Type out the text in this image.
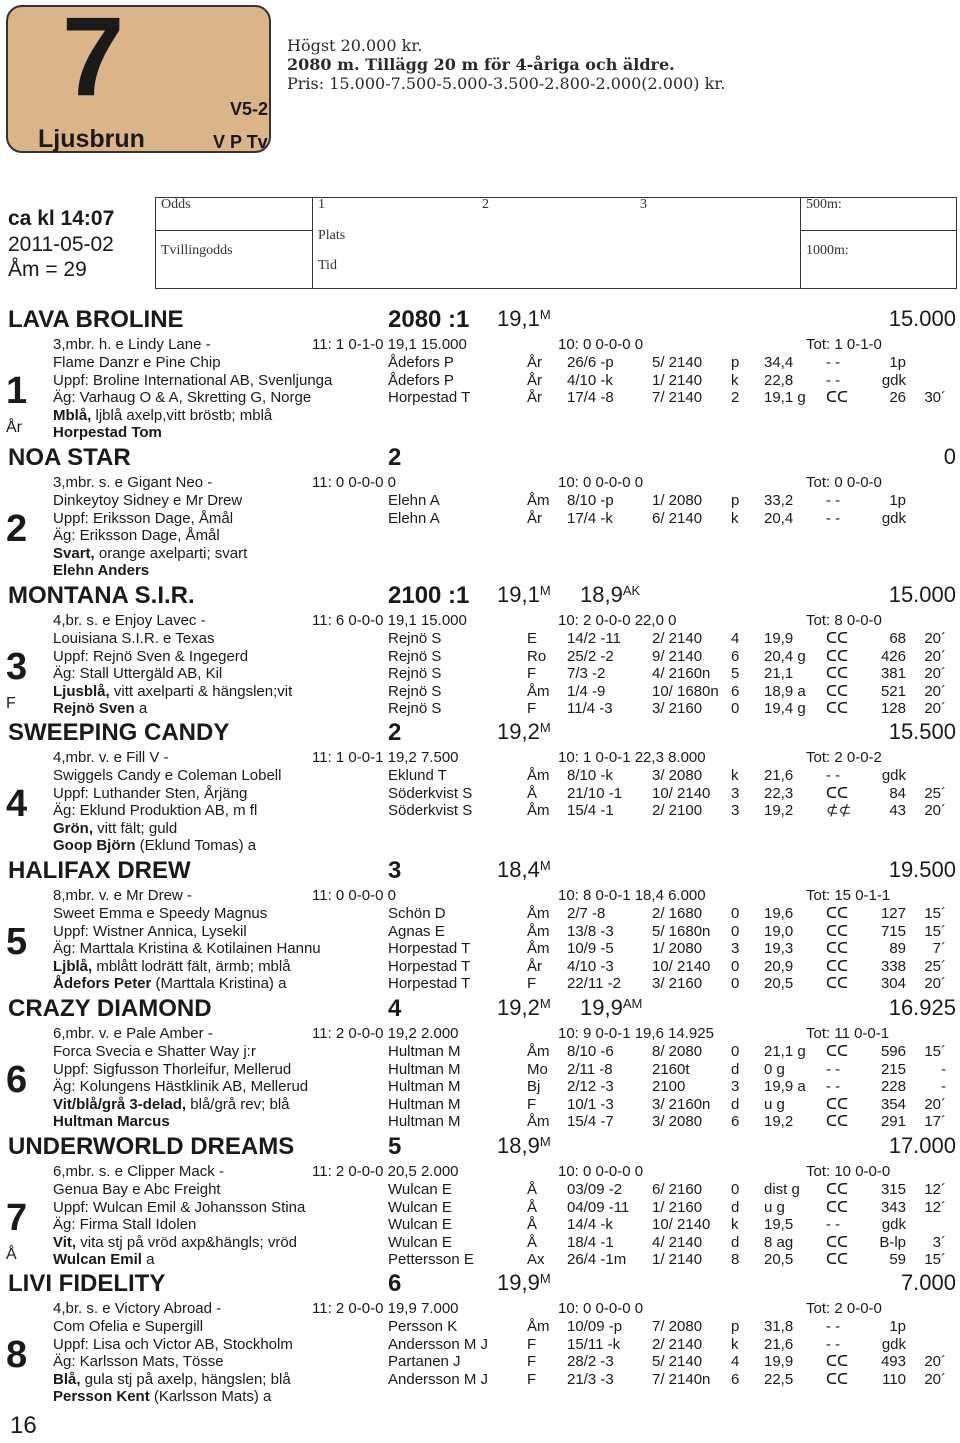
7	V5-2
Ljusbrun	V P Tv
Högst 20.000 kr.
2080 m. Tillägg 20 m för 4-åriga och äldre.
Pris: 15.000-7.500-5.000-3.500-2.800-2.000(2.000) kr.
ca kl 14:07
2011-05-02
Åm = 29
Odds
Tvillingodds
1	2	3
Plats
Tid
500m:
1000m:
LAVA BROLINE	2080 :1 $19,1^M$	15.000
1
År
3,mbr. h. e Lindy Lane -	11: 1 0-1-0 19,1 15.000	10: 0 0-0-0 0	Tot: 1 0-1-0
Flame Danzr e Pine Chip
Uppf: Broline International AB, Svenljunga
Äg: Varhaug O & A, Skretting G, Norge
Mblå, ljblå axelp,vitt bröstb; mblå
Horpestad Tom
Ådefors P	År 26/6 -p	5/ 2140 p 34,4 - -	1p
Ådefors P	År 4/10 -k	1/ 2140 k 22,8 - -	gdk
Horpestad T	År 17/4 -8	7/ 2140 2 19,1 g ᑕᑕ	26 30´
NOA STAR	2	0
2
3,mbr. s. e Gigant Neo -	11: 0 0-0-0 0	10: 0 0-0-0 0	Tot: 0 0-0-0
Dinkeytoy Sidney e Mr Drew
Uppf: Eriksson Dage, Åmål
Äg: Eriksson Dage, Åmål
Svart, orange axelparti; svart
Elehn Anders
Elehn A	Åm 8/10 -p	1/ 2080 p 33,2 - -	1p
Elehn A	År 17/4 -k	6/ 2140 k 20,4 - -	gdk
MONTANA S.I.R.	2100 :1 $19,1^M$ $18,9^{AK}$	15.000
3
F
4,br. s. e Enjoy Lavec -	11: 6 0-0-0 19,1 15.000	10: 2 0-0-0 22,0 0	Tot: 8 0-0-0
Louisiana S.I.R. e Texas
Uppf: Rejnö Sven & Ingegerd
Äg: Stall Uttergäld AB, Kil
Ljusblå, vitt axelparti & hängslen;vit
Rejnö Sven a
Rejnö S	E 14/2 -11 2/ 2140 4 19,9 ᑕᑕ	68 20´
Rejnö S	Ro 25/2 -2	9/ 2140 6 20,4 g ᑕᑕ 426 20´
Rejnö S	F 7/3 -2	4/ 2160n 5 21,1 ᑕᑕ 381 20´
Rejnö S	Åm 1/4 -9	10/ 1680n 6 18,9 a ᑕᑕ 521 20´
Rejnö S	F 11/4 -3	3/ 2160 0 19,4 g ᑕᑕ 128 20´
SWEEPING CANDY	2	$19,2^M$	15.500
4
4,mbr. v. e Fill V -	11: 1 0-0-1 19,2 7.500	10: 1 0-0-1 22,3 8.000	Tot: 2 0-0-2
Swiggels Candy e Coleman Lobell
Uppf: Luthander Sten, Årjäng
Äg: Eklund Produktion AB, m fl
Grön, vitt fält; guld
Goop Björn (Eklund Tomas) a
Eklund T	Åm 8/10 -k	3/ 2080 k 21,6 - -	gdk
Söderkvist S	Å 21/10 -1 10/ 2140 3 22,3 ᑕᑕ	84 25´
Söderkvist S	Åm 15/4 -1	2/ 2100 3 19,2 ⊄⊄	43 20´
HALIFAX DREW	3	$18,4^M$	19.500
5
8,mbr. v. e Mr Drew -	11: 0 0-0-0 0	10: 8 0-0-1 18,4 6.000	Tot: 15 0-1-1
Sweet Emma e Speedy Magnus
Uppf: Wistner Annica, Lysekil
Äg: Marttala Kristina & Kotilainen Hannu
Ljblå, mblått lodrätt fält, ärmb; mblå
Ådefors Peter (Marttala Kristina) a
Schön D	Åm 2/7 -8	2/ 1680 0 19,6 ᑕᑕ 127 15´
Agnas E	Åm 13/8 -3	5/ 1680n 0 19,0 ᑕᑕ 715 15´
Horpestad T	Åm 10/9 -5	1/ 2080 3 19,3 ᑕᑕ	89 7´
Horpestad T	År 4/10 -3	10/ 2140 0 20,9 ᑕᑕ 338 25´
Horpestad T	F 22/11 -2 3/ 2160 0 20,5 ᑕᑕ 304 20´
CRAZY DIAMOND	4	$19,2^M$ $19,9^{AM}$	16.925
6
6,mbr. v. e Pale Amber -	11: 2 0-0-0 19,2 2.000	10: 9 0-0-1 19,6 14.925	Tot: 11 0-0-1
Forca Svecia e Shatter Way j:r
Uppf: Sigfusson Thorleifur, Mellerud
Äg: Kolungens Hästklinik AB, Mellerud
Vit/blå/grå 3-delad, blå/grå rev; blå
Hultman Marcus
Hultman M	Åm 8/10 -6	8/ 2080 0 21,1 g ᑕᑕ 596 15´
Hultman M	Mo 2/11 -8	2160t	d 0 g	- -	215 -
Hultman M	Bj 2/12 -3	2100	3 19,9 a - -	228 -
Hultman M	F 10/1 -3	3/ 2160n d u g	ᑕᑕ 354 20´
Hultman M	Åm 15/4 -7	3/ 2080 6 19,2 ᑕᑕ 291 17´
UNDERWORLD DREAMS	5	$18,9^M$	17.000
7
Å
6,mbr. s. e Clipper Mack -	11: 2 0-0-0 20,5 2.000	10: 0 0-0-0 0	Tot: 10 0-0-0
Genua Bay e Abc Freight
Uppf: Wulcan Emil & Johansson Stina
Äg: Firma Stall Idolen
Vit, vita stj på vröd axp&hängls; vröd
Wulcan Emil a
Wulcan E	Å 03/09 -2 6/ 2160 0 dist g ᑕᑕ 315 12´
Wulcan E	Å 04/09 -11 1/ 2160 d u g	ᑕᑕ 343 12´
Wulcan E	Å 14/4 -k	10/ 2140 k 19,5 - -	gdk
Wulcan E	Å 18/4 -1	4/ 2140 d 8 ag ᑕᑕ B-lp 3´
Pettersson E	Ax 26/4 -1m 1/ 2140 8 20,5 ᑕᑕ	59 15´
LIVI FIDELITY	6	$19,9^M$	7.000
8
4,br. s. e Victory Abroad -	11: 2 0-0-0 19,9 7.000	10: 0 0-0-0 0	Tot: 2 0-0-0
Com Ofelia e Supergill
Uppf: Lisa och Victor AB, Stockholm
Äg: Karlsson Mats, Tösse
Blå, gula stj på axelp, hängslen; blå
Persson Kent (Karlsson Mats) a
Persson K	Åm 10/09 -p 7/ 2080 p 31,8 - -	1p
Andersson M J	F 15/11 -k 2/ 2140 k 21,6 - -	gdk
Partanen J	F 28/2 -3	5/ 2140 4 19,9 ᑕᑕ 493 20´
Andersson M J	F 21/3 -3	7/ 2140n 6 22,5 ᑕᑕ 110 20´
16
